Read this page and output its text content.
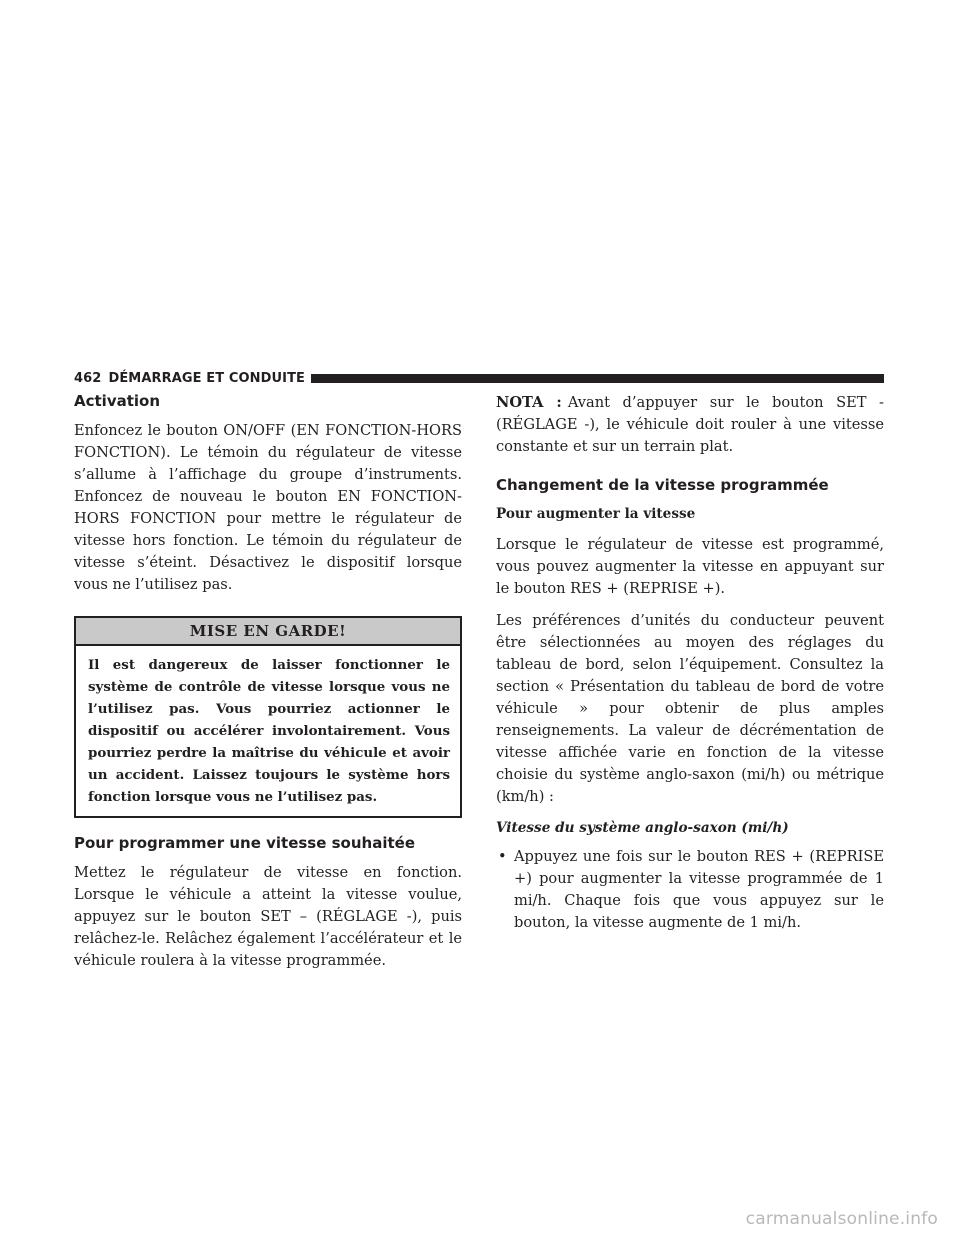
462 DÉMARRAGE ET CONDUITE
Activation

Enfoncez le bouton ON/OFF (EN FONCTION-HORS FONCTION). Le témoin du régulateur de vitesse s’allume à l’affichage du groupe d’instruments. Enfoncez de nouveau le bouton EN FONCTION-HORS FONCTION pour mettre le régulateur de vitesse hors fonction. Le témoin du régulateur de vitesse s’éteint. Désactivez le dispositif lorsque vous ne l’utilisez pas.

MISE EN GARDE!
Il est dangereux de laisser fonctionner le système de contrôle de vitesse lorsque vous ne l’utilisez pas. Vous pourriez actionner le dispositif ou accélérer involontairement. Vous pourriez perdre la maîtrise du véhicule et avoir un accident. Laissez toujours le système hors fonction lorsque vous ne l’utilisez pas.
Pour programmer une vitesse souhaitée

Mettez le régulateur de vitesse en fonction. Lorsque le véhicule a atteint la vitesse voulue, appuyez sur le bouton SET – (RÉGLAGE -), puis relâchez-le. Relâchez également l’accélérateur et le véhicule roulera à la vitesse programmée.

NOTA : Avant d’appuyer sur le bouton SET - (RÉGLAGE -), le véhicule doit rouler à une vitesse constante et sur un terrain plat.

Changement de la vitesse programmée
Pour augmenter la vitesse

Lorsque le régulateur de vitesse est programmé, vous pouvez augmenter la vitesse en appuyant sur le bouton RES + (REPRISE +).

Les préférences d’unités du conducteur peuvent être sélectionnées au moyen des réglages du tableau de bord, selon l’équipement. Consultez la section « Présentation du tableau de bord de votre véhicule » pour obtenir de plus amples renseignements. La valeur de décrémentation de vitesse affichée varie en fonction de la vitesse choisie du système anglo-saxon (mi/h) ou métrique (km/h) :

Vitesse du système anglo-saxon (mi/h)
• Appuyez une fois sur le bouton RES + (REPRISE +) pour augmenter la vitesse programmée de 1 mi/h. Chaque fois que vous appuyez sur le bouton, la vitesse augmente de 1 mi/h.
carmanualsonline.info
